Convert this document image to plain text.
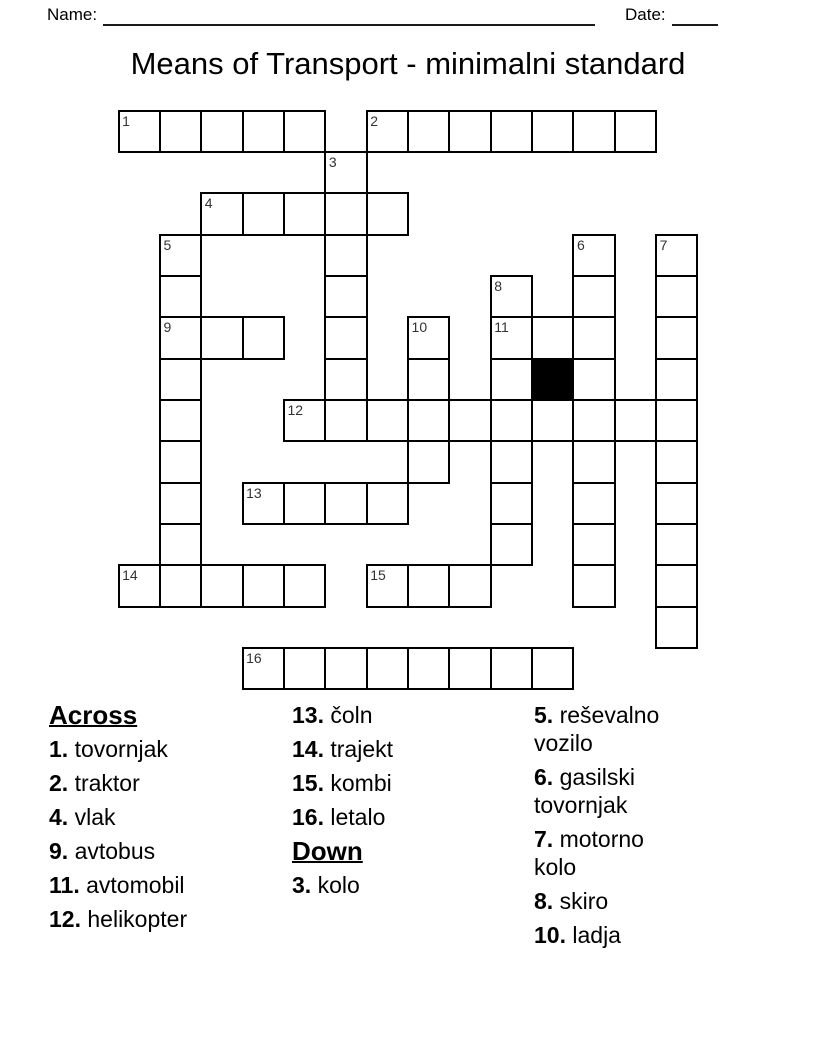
Name:	Date:
Means of Transport - minimalni standard
1	2
3
4
5	6	7
8
9	10	11
12
13
14	15
16
Across
1. tovornjak
2. traktor
4. vlak
9. avtobus
11. avtomobil
12. helikopter
13. čoln
14. trajekt
15. kombi
16. letalo
Down
3. kolo
5. reševalno vozilo
6. gasilski tovornjak
7. motorno kolo
8. skiro
10. ladja
